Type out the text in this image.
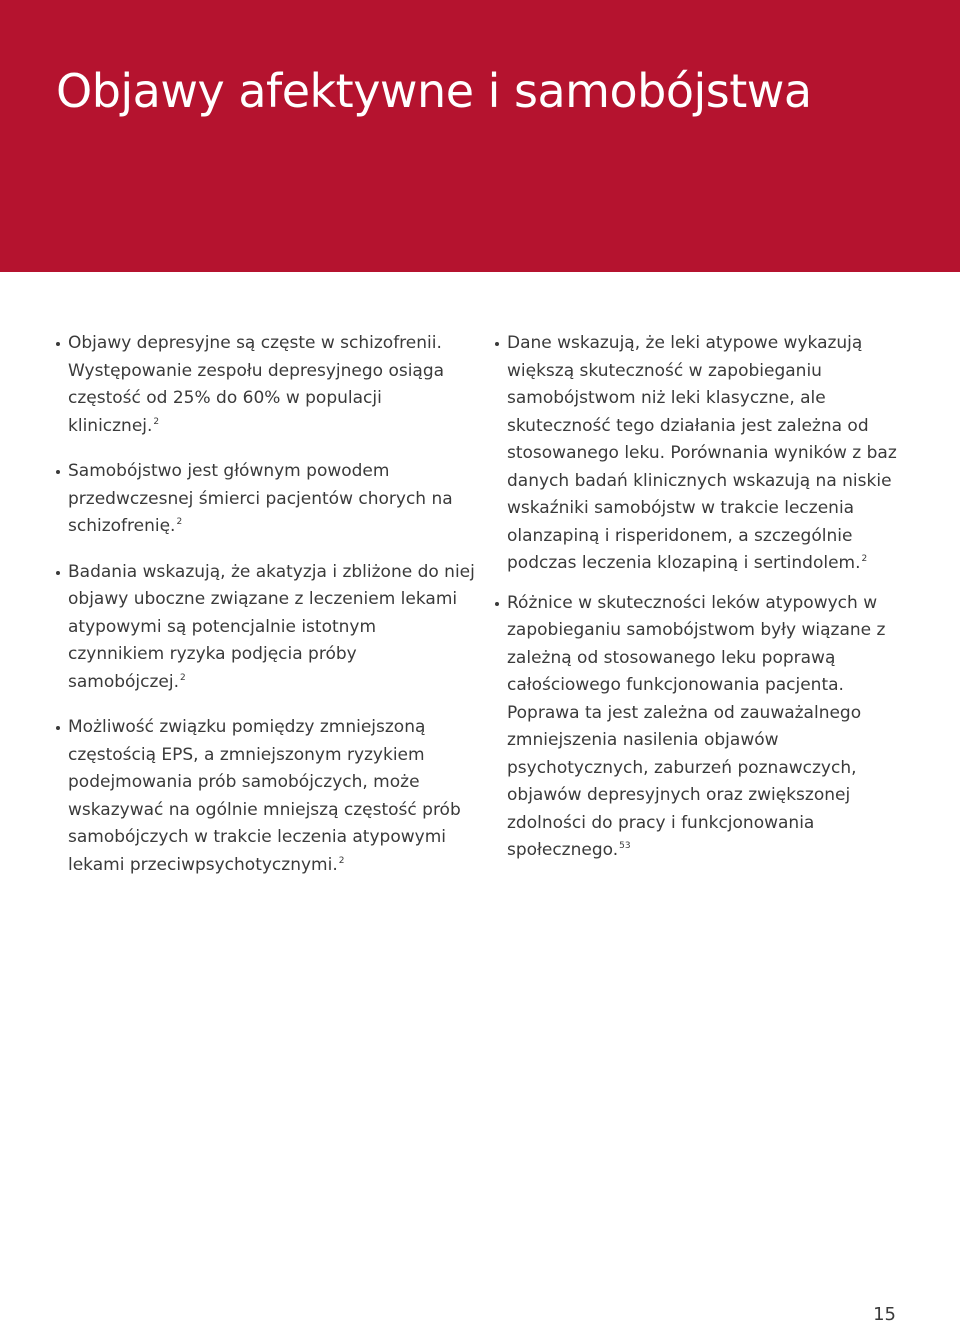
Objawy afektywne i samobójstwa
Objawy depresyjne są częste w schizofrenii. Występowanie zespołu depresyjnego osiąga częstość od 25% do 60% w populacji klinicznej.$^2$
Samobójstwo jest głównym powodem przedwczesnej śmierci pacjentów chorych na schizofrenię.$^2$
Badania wskazują, że akatyzja i zbliżone do niej objawy uboczne związane z leczeniem lekami atypowymi są potencjalnie istotnym czynnikiem ryzyka podjęcia próby samobójczej.$^2$
Możliwość związku pomiędzy zmniejszoną częstością EPS, a zmniejszonym ryzykiem podejmowania prób samobójczych, może wskazywać na ogólnie mniejszą częstość prób samobójczych w trakcie leczenia atypowymi lekami przeciwpsychotycznymi.$^2$
Dane wskazują, że leki atypowe wykazują większą skuteczność w zapobieganiu samobójstwom niż leki klasyczne, ale skuteczność tego działania jest zależna od stosowanego leku. Porównania wyników z baz danych badań klinicznych wskazują na niskie wskaźniki samobójstw w trakcie leczenia olanzapiną i risperidonem, a szczególnie podczas leczenia klozapiną i sertindolem.$^2$
Różnice w skuteczności leków atypowych w zapobieganiu samobójstwom były wiązane z zależną od stosowanego leku poprawą całościowego funkcjonowania pacjenta. Poprawa ta jest zależna od zauważalnego zmniejszenia nasilenia objawów psychotycznych, zaburzeń poznawczych, objawów depresyjnych oraz zwiększonej zdolności do pracy i funkcjonowania społecznego.$^{53}$
15
